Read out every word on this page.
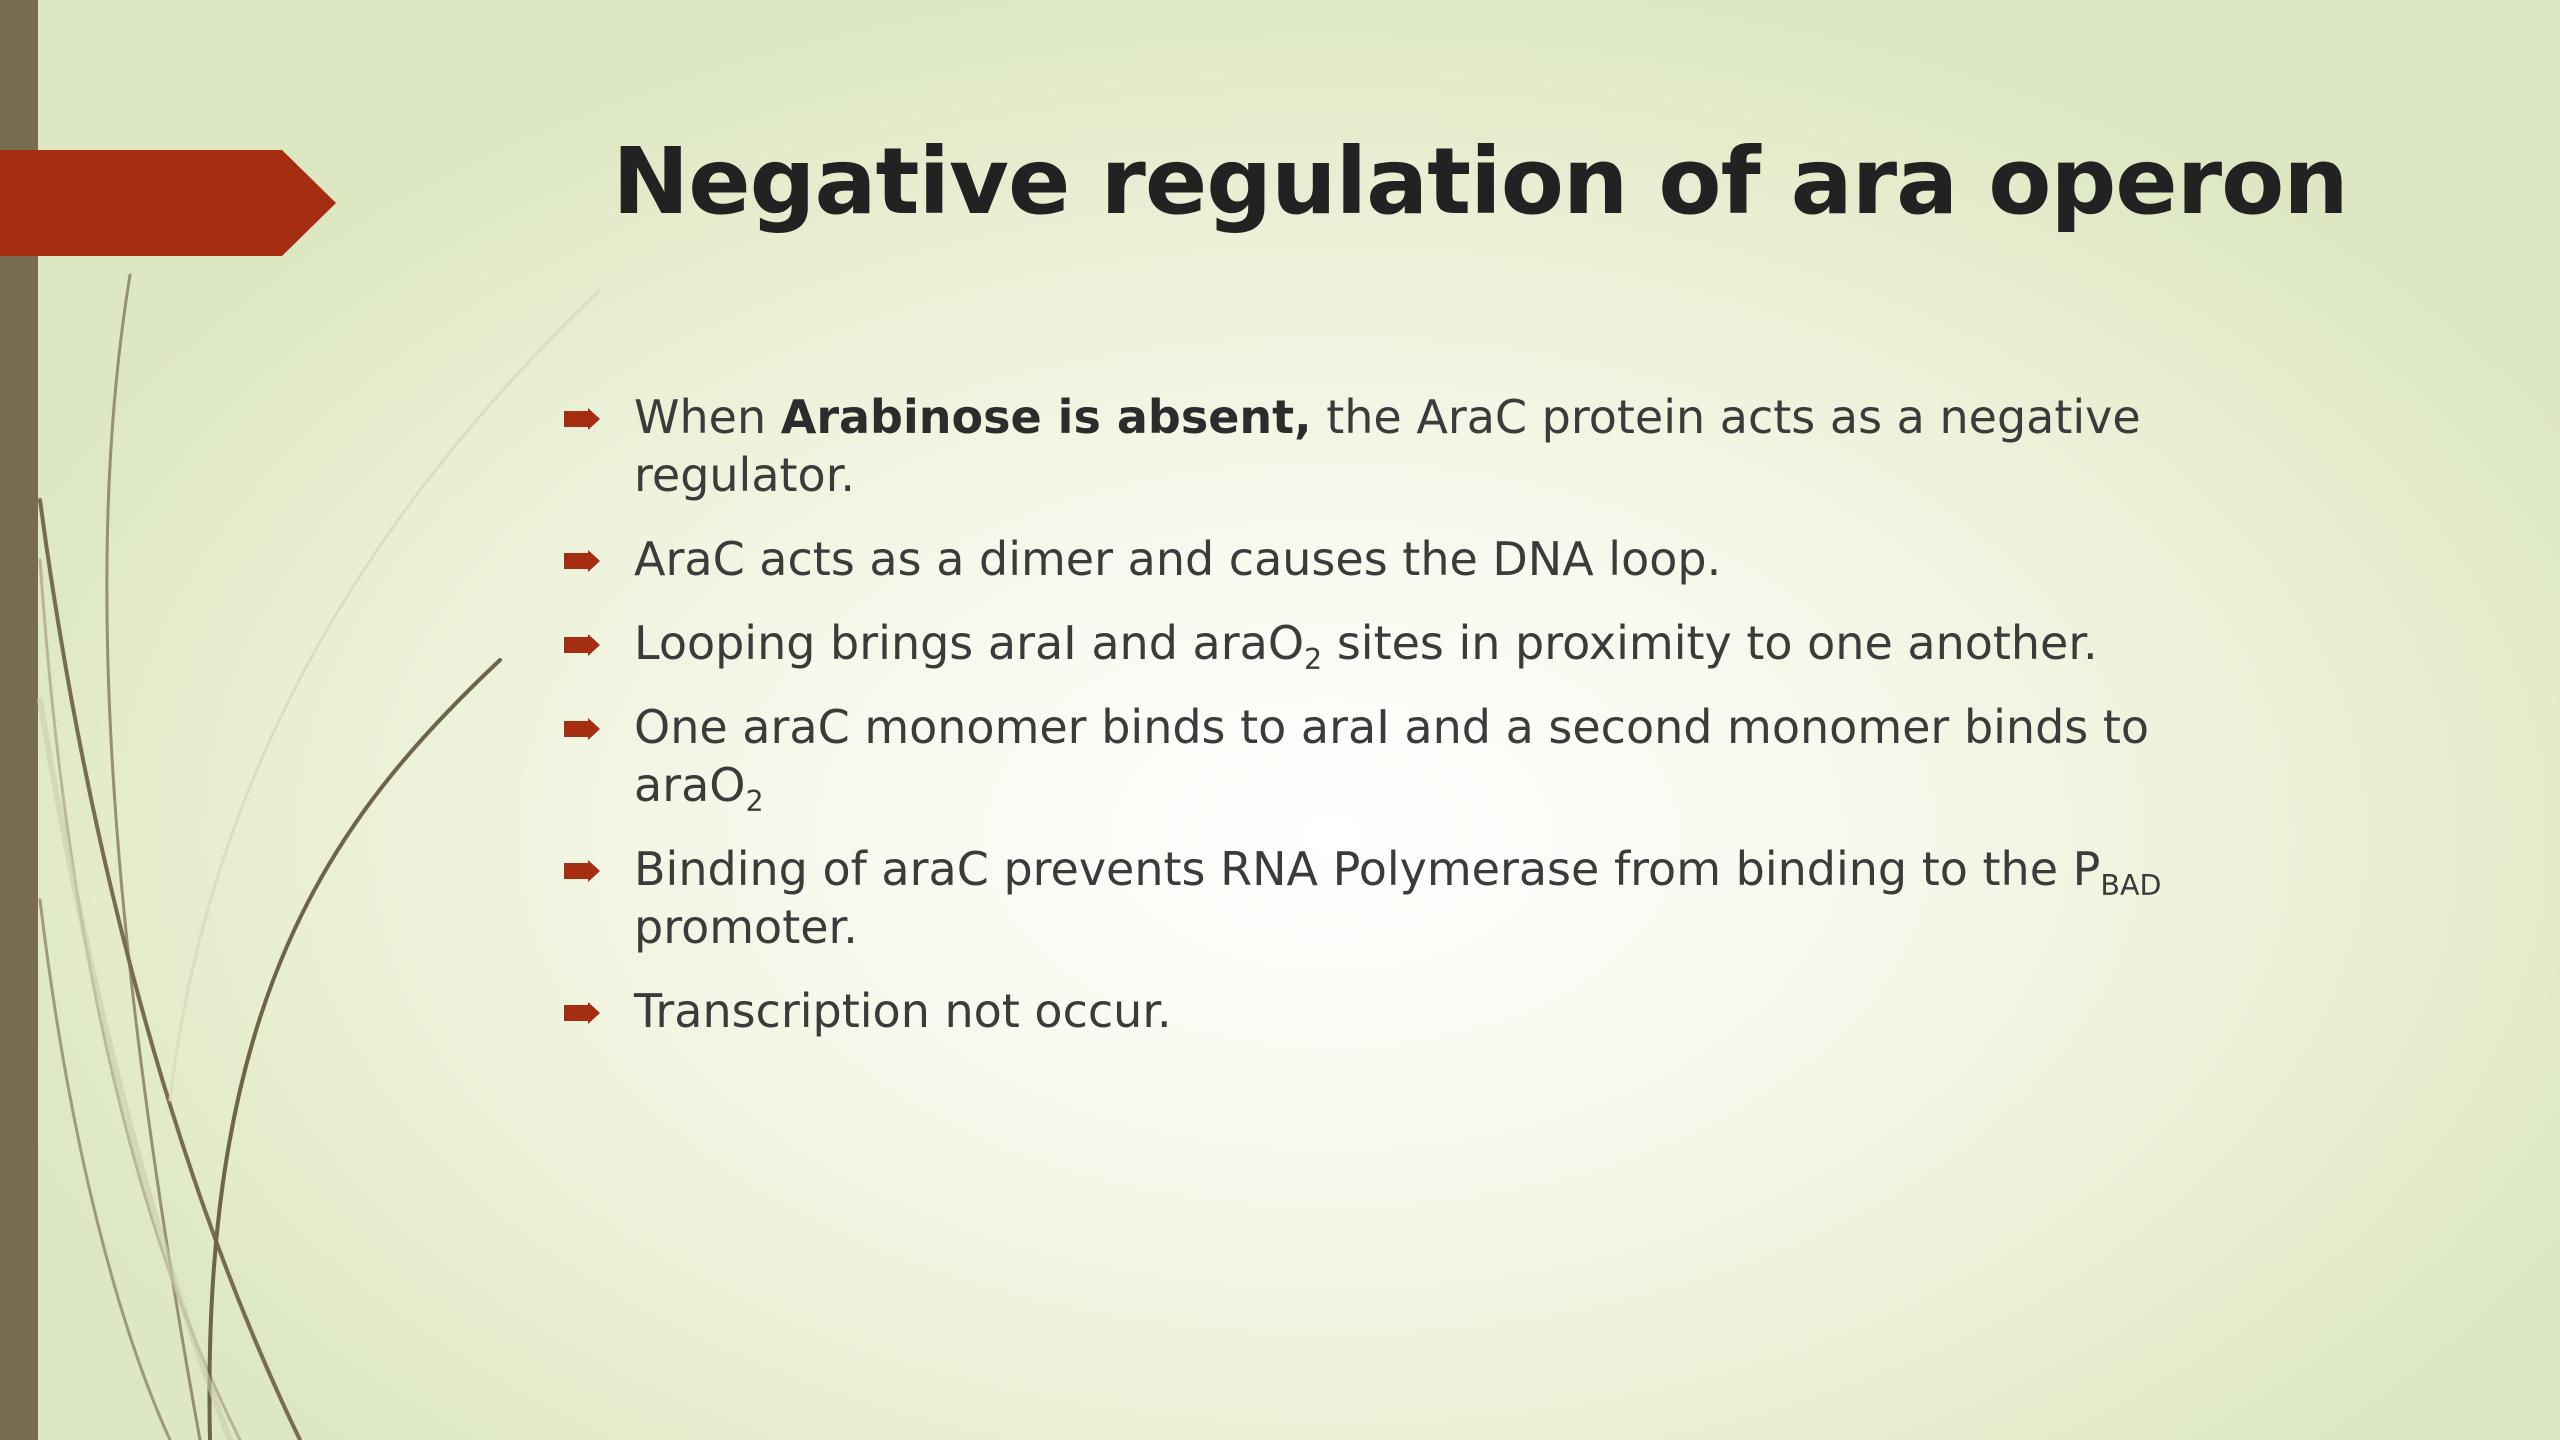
Negative regulation of ara operon
When Arabinose is absent, the AraC protein acts as a negative regulator.
AraC acts as a dimer and causes the DNA loop.
Looping brings araI and araO$_2$ sites in proximity to one another.
One araC monomer binds to araI and a second monomer binds to araO$_2$
Binding of araC prevents RNA Polymerase from binding to the $P_{BAD}$ promoter.
Transcription not occur.
